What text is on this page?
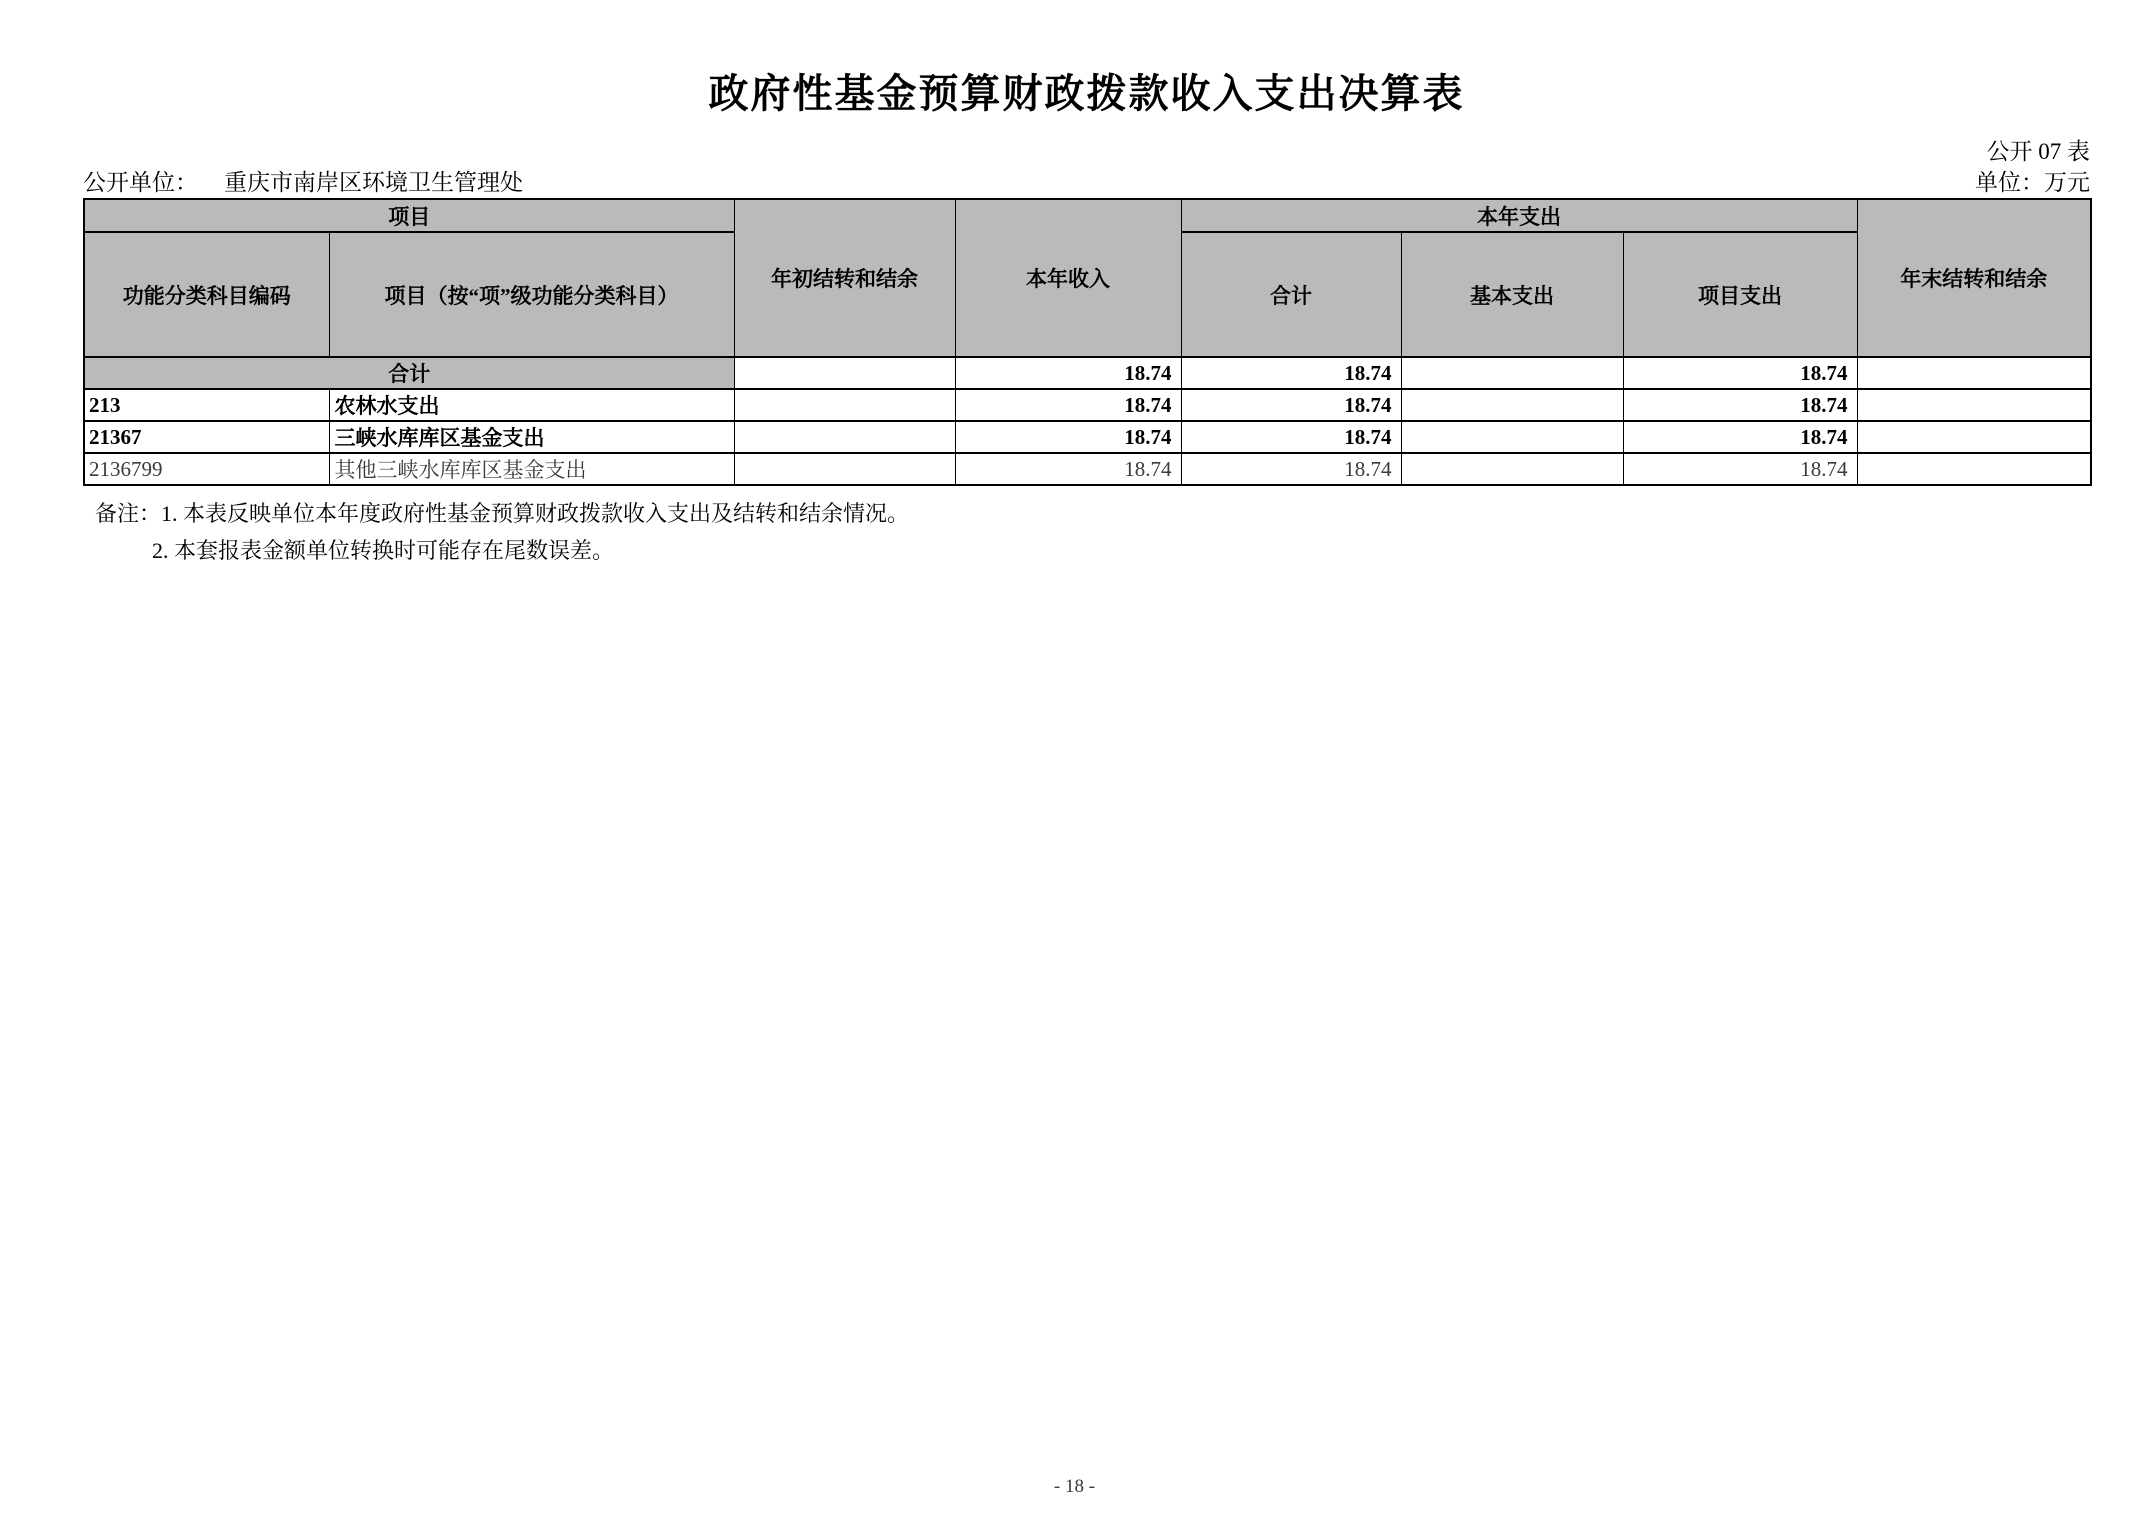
政府性基金预算财政拨款收入支出决算表
公开 07 表
公开单位： 重庆市南岸区环境卫生管理处	单位：万元
项目		年初结转和结余	本年收入	本年支出			年末结转和结余
功能分类科目编码	项目（按“项”级功能分类科目）			合计	基本支出	项目支出	
合计			18.74	18.74		18.74	
213	农林水支出		18.74	18.74		18.74	
21367	三峡水库库区基金支出		18.74	18.74		18.74	
2136799	其他三峡水库库区基金支出		18.74	18.74		18.74	
备注：1. 本表反映单位本年度政府性基金预算财政拨款收入支出及结转和结余情况。
2. 本套报表金额单位转换时可能存在尾数误差。
- 18 -
